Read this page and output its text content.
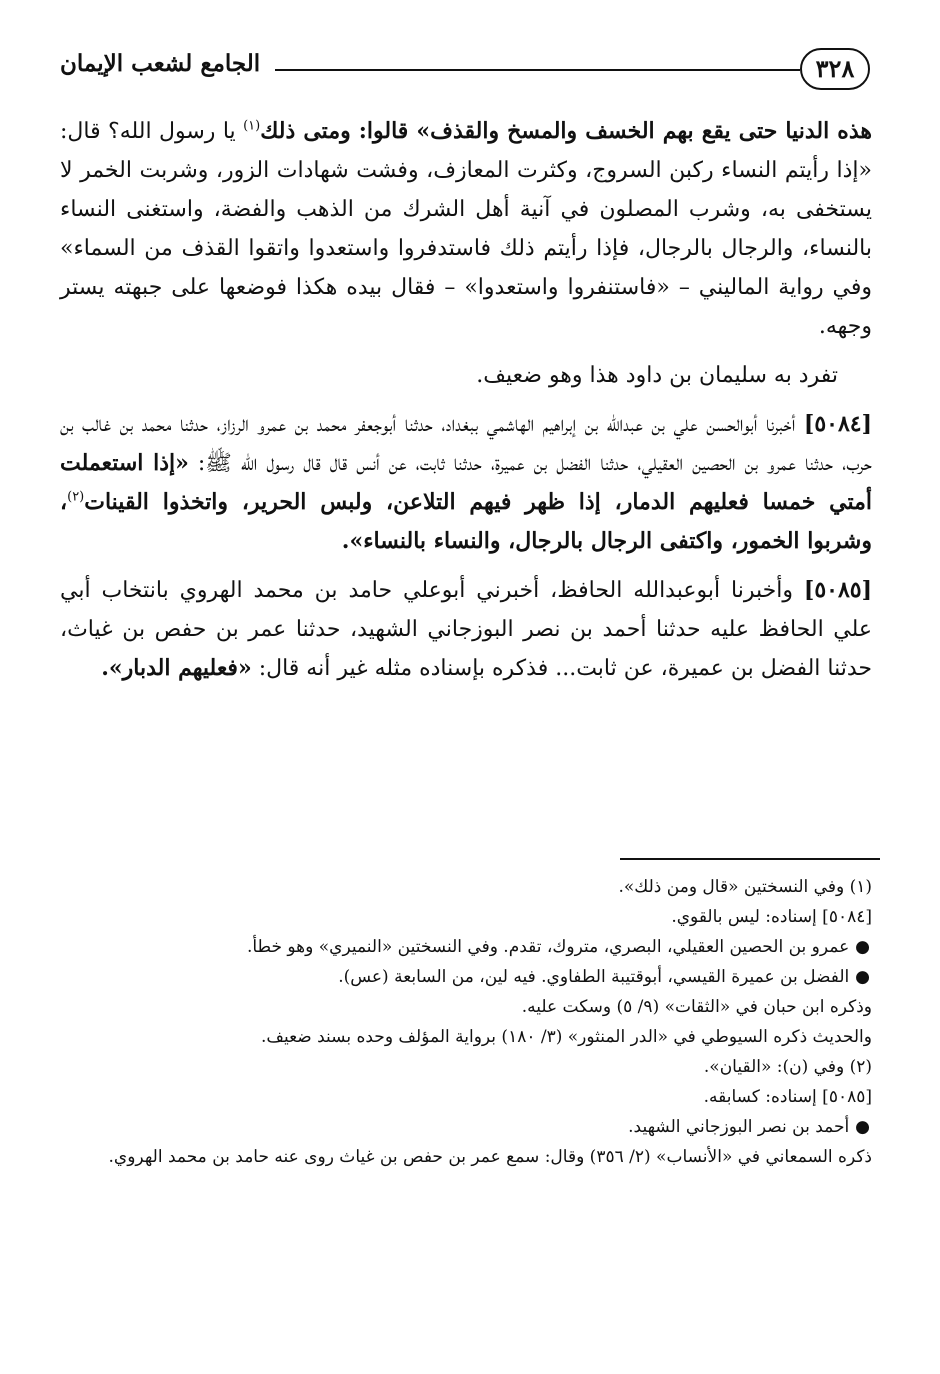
٣٢٨
الجامع لشعب الإيمان

هذه الدنيا حتى يقع بهم الخسف والمسخ والقذف» قالوا: ومتى ذلك$^{(١)}$ يا رسول الله؟ قال: «إذا رأيتم النساء ركبن السروج، وكثرت المعازف، وفشت شهادات الزور، وشربت الخمر لا يستخفى به، وشرب المصلون في آنية أهل الشرك من الذهب والفضة، واستغنى النساء بالنساء، والرجال بالرجال، فإذا رأيتم ذلك فاستدفروا واستعدوا واتقوا القذف من السماء» وفي رواية الماليني – «فاستنفروا واستعدوا» – فقال بيده هكذا فوضعها على جبهته يستر وجهه.

تفرد به سليمان بن داود هذا وهو ضعيف.

[٥٠٨٤] أخبرنا أبوالحسن علي بن عبدالله بن إبراهيم الهاشمي ببغداد، حدثنا أبوجعفر محمد بن عمرو الرزاز، حدثنا محمد بن غالب بن حرب، حدثنا عمرو بن الحصين العقيلي، حدثنا الفضل بن عميرة، حدثنا ثابت، عن أنس قال قال رسول الله ﷺ: «إذا استعملت أمتي خمسا فعليهم الدمار، إذا ظهر فيهم التلاعن، ولبس الحرير، واتخذوا القينات$^{(٢)}$، وشربوا الخمور، واكتفى الرجال بالرجال، والنساء بالنساء».

[٥٠٨٥] وأخبرنا أبوعبدالله الحافظ، أخبرني أبوعلي حامد بن محمد الهروي بانتخاب أبي علي الحافظ عليه حدثنا أحمد بن نصر البوزجاني الشهيد، حدثنا عمر بن حفص بن غياث، حدثنا الفضل بن عميرة، عن ثابت... فذكره بإسناده مثله غير أنه قال: «فعليهم الدبار».

(١) وفي النسختين «قال ومن ذلك».

[٥٠٨٤] إسناده: ليس بالقوي.

● عمرو بن الحصين العقيلي، البصري، متروك، تقدم. وفي النسختين «النميري» وهو خطأ.

● الفضل بن عميرة القيسي، أبوقتيبة الطفاوي. فيه لين، من السابعة (عس).

وذكره ابن حبان في «الثقات» (٩/ ٥) وسكت عليه.

والحديث ذكره السيوطي في «الدر المنثور» (٣/ ١٨٠) برواية المؤلف وحده بسند ضعيف.

(٢) وفي (ن): «القيان».

[٥٠٨٥] إسناده: كسابقه.

● أحمد بن نصر البوزجاني الشهيد.

ذكره السمعاني في «الأنساب» (٢/ ٣٥٦) وقال: سمع عمر بن حفص بن غياث روى عنه حامد بن محمد الهروي.
